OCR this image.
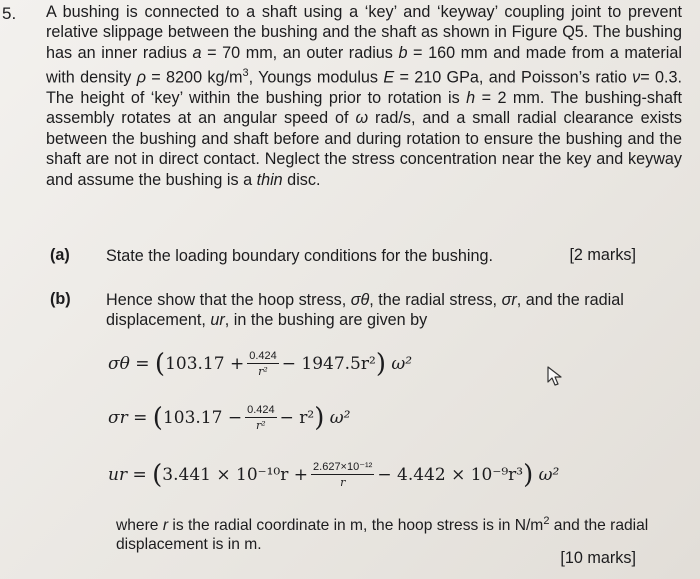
5. A bushing is connected to a shaft using a ‘key’ and ‘keyway’ coupling joint to prevent relative slippage between the bushing and the shaft as shown in Figure Q5. The bushing has an inner radius a = 70 mm, an outer radius b = 160 mm and made from a material with density ρ = 8200 $kg/m^3$, Youngs modulus E = 210 GPa, and Poisson’s ratio ν= 0.3. The height of ‘key’ within the bushing prior to rotation is h = 2 mm. The bushing-shaft assembly rotates at an angular speed of ω rad/s, and a small radial clearance exists between the bushing and shaft before and during rotation to ensure the bushing and the shaft are not in direct contact. Neglect the stress concentration near the key and keyway and assume the bushing is a thin disc.

(a) State the loading boundary conditions for the bushing.	[2 marks]
(b) Hence show that the hoop stress, σθ, the radial stress, σr, and the radial displacement, ur, in the bushing are given by
σθ = ( $103.17 + \frac{0.424}{\text{r²}} - 1947.5r^2$ )
ω²
σr = ( $103.17 - \frac{0.424}{\text{r²}} - r^2$ )
ω²
ur = ( $3.441 \times 10^{-10}r + \frac{\text{2.627×10⁻¹²}}{r} - 4.442 \times 10^{-9}r^3$ )
ω²
where r is the radial coordinate in m, the hoop stress is in $N/m^2$ and the radial displacement is in m.
[10 marks]
